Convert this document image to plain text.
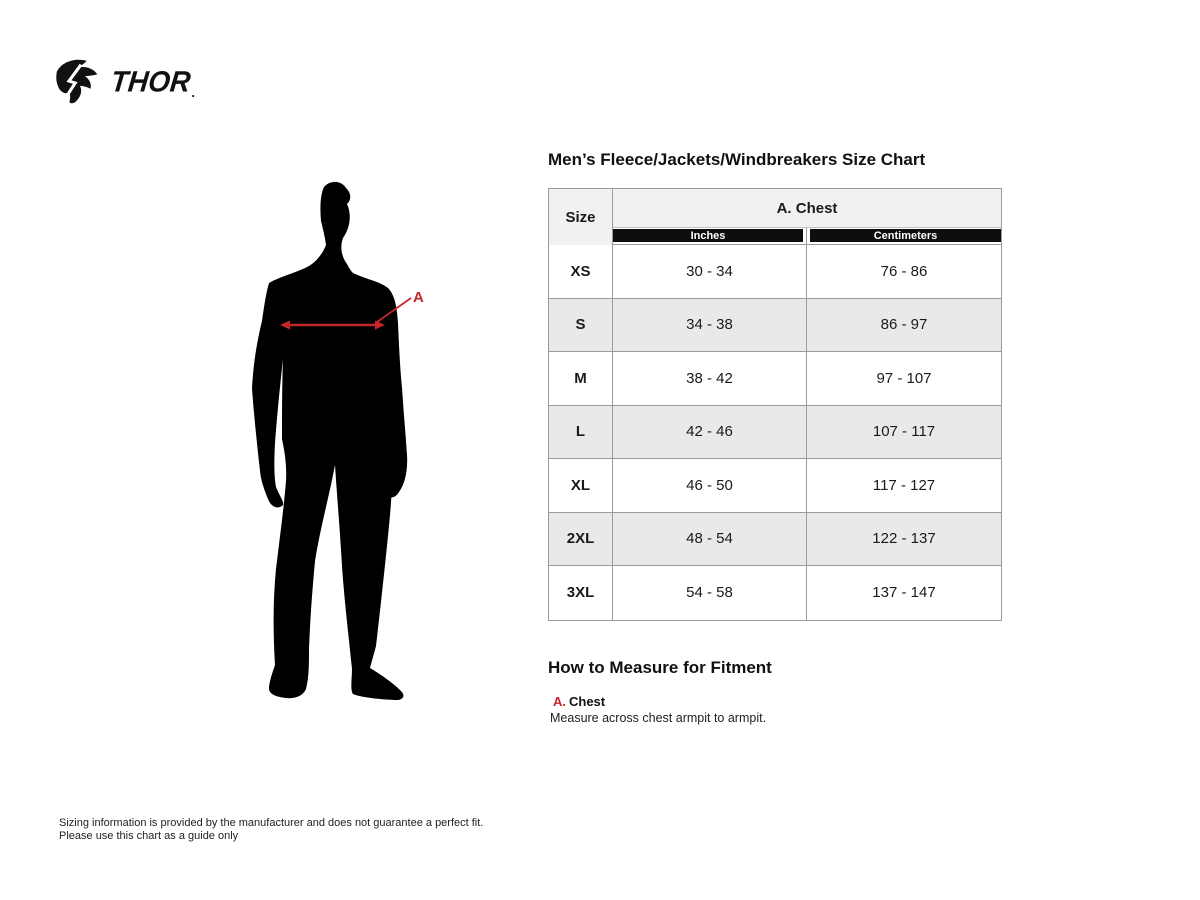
THOR .
A
Men’s Fleece/Jackets/Windbreakers Size Chart
Size
A. Chest
Inches	Centimeters
XS	30 - 34	76 - 86
S	34 - 38	86 - 97
M	38 - 42	97 - 107
L	42 - 46	107 - 117
XL	46 - 50	117 - 127
2XL	48 - 54	122 - 137
3XL	54 - 58	137 - 147
How to Measure for Fitment
A. Chest
Measure across chest armpit to armpit.
Sizing information is provided by the manufacturer and does not guarantee a perfect fit.
Please use this chart as a guide only
